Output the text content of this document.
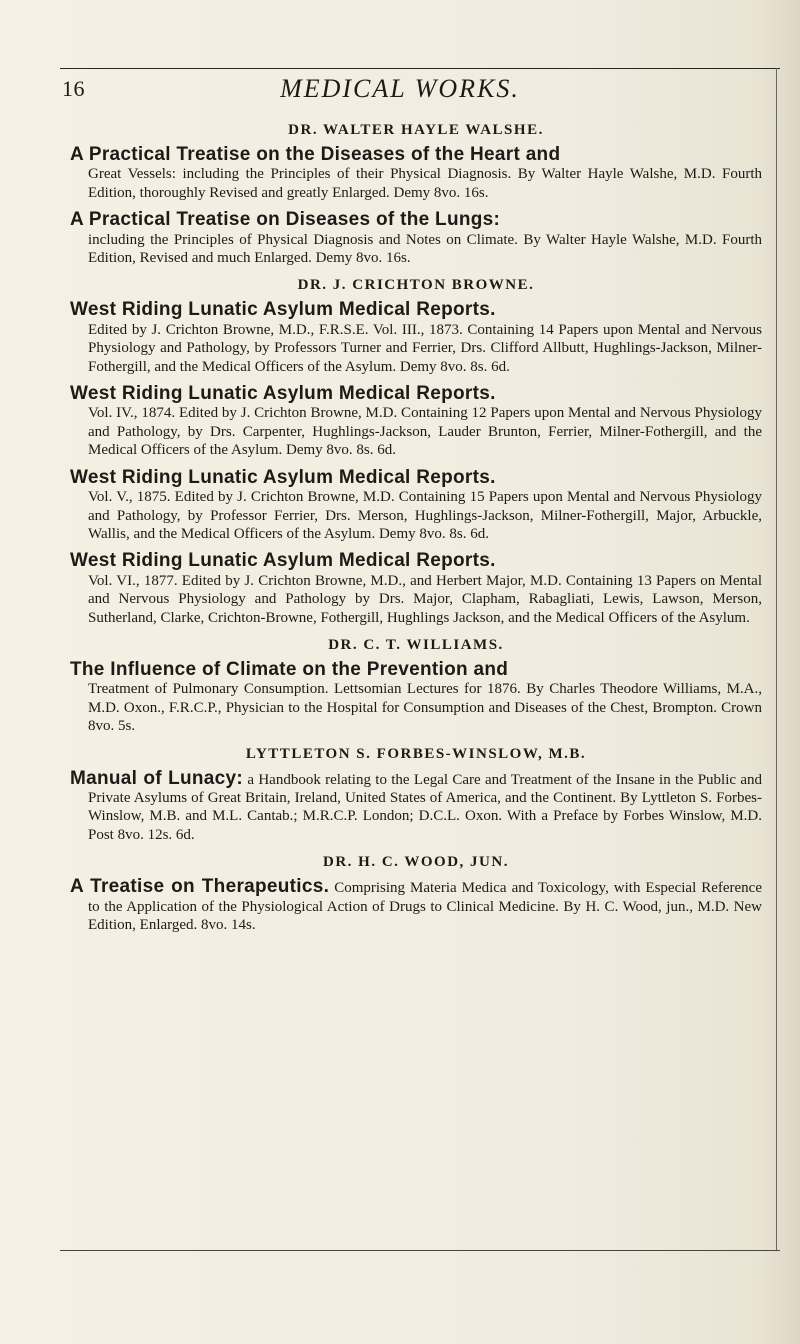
16	MEDICAL WORKS.
DR. WALTER HAYLE WALSHE.

A Practical Treatise on the Diseases of the Heart and
Great Vessels: including the Principles of their Physical Diagnosis. By Walter Hayle Walshe, M.D. Fourth Edition, thoroughly Revised and greatly Enlarged. Demy 8vo. 16s.

A Practical Treatise on Diseases of the Lungs:
including the Principles of Physical Diagnosis and Notes on Climate. By Walter Hayle Walshe, M.D. Fourth Edition, Revised and much Enlarged. Demy 8vo. 16s.

DR. J. CRICHTON BROWNE.

West Riding Lunatic Asylum Medical Reports.
Edited by J. Crichton Browne, M.D., F.R.S.E. Vol. III., 1873. Containing 14 Papers upon Mental and Nervous Physiology and Pathology, by Professors Turner and Ferrier, Drs. Clifford Allbutt, Hughlings-Jackson, Milner-Fothergill, and the Medical Officers of the Asylum. Demy 8vo. 8s. 6d.

West Riding Lunatic Asylum Medical Reports.
Vol. IV., 1874. Edited by J. Crichton Browne, M.D. Containing 12 Papers upon Mental and Nervous Physiology and Pathology, by Drs. Carpenter, Hughlings-Jackson, Lauder Brunton, Ferrier, Milner-Fothergill, and the Medical Officers of the Asylum. Demy 8vo. 8s. 6d.

West Riding Lunatic Asylum Medical Reports.
Vol. V., 1875. Edited by J. Crichton Browne, M.D. Containing 15 Papers upon Mental and Nervous Physiology and Pathology, by Professor Ferrier, Drs. Merson, Hughlings-Jackson, Milner-Fothergill, Major, Arbuckle, Wallis, and the Medical Officers of the Asylum. Demy 8vo. 8s. 6d.

West Riding Lunatic Asylum Medical Reports.
Vol. VI., 1877. Edited by J. Crichton Browne, M.D., and Herbert Major, M.D. Containing 13 Papers on Mental and Nervous Physiology and Pathology by Drs. Major, Clapham, Rabagliati, Lewis, Lawson, Merson, Sutherland, Clarke, Crichton-Browne, Fothergill, Hughlings Jackson, and the Medical Officers of the Asylum.

DR. C. T. WILLIAMS.

The Influence of Climate on the Prevention and
Treatment of Pulmonary Consumption. Lettsomian Lectures for 1876. By Charles Theodore Williams, M.A., M.D. Oxon., F.R.C.P., Physician to the Hospital for Consumption and Diseases of the Chest, Brompton. Crown 8vo. 5s.

LYTTLETON S. FORBES-WINSLOW, M.B.

Manual of Lunacy: a Handbook relating to the Legal Care and Treatment of the Insane in the Public and Private Asylums of Great Britain, Ireland, United States of America, and the Continent. By Lyttleton S. Forbes-Winslow, M.B. and M.L. Cantab.; M.R.C.P. London; D.C.L. Oxon. With a Preface by Forbes Winslow, M.D. Post 8vo. 12s. 6d.

DR. H. C. WOOD, JUN.

A Treatise on Therapeutics. Comprising Materia Medica and Toxicology, with Especial Reference to the Application of the Physiological Action of Drugs to Clinical Medicine. By H. C. Wood, jun., M.D. New Edition, Enlarged. 8vo. 14s.
